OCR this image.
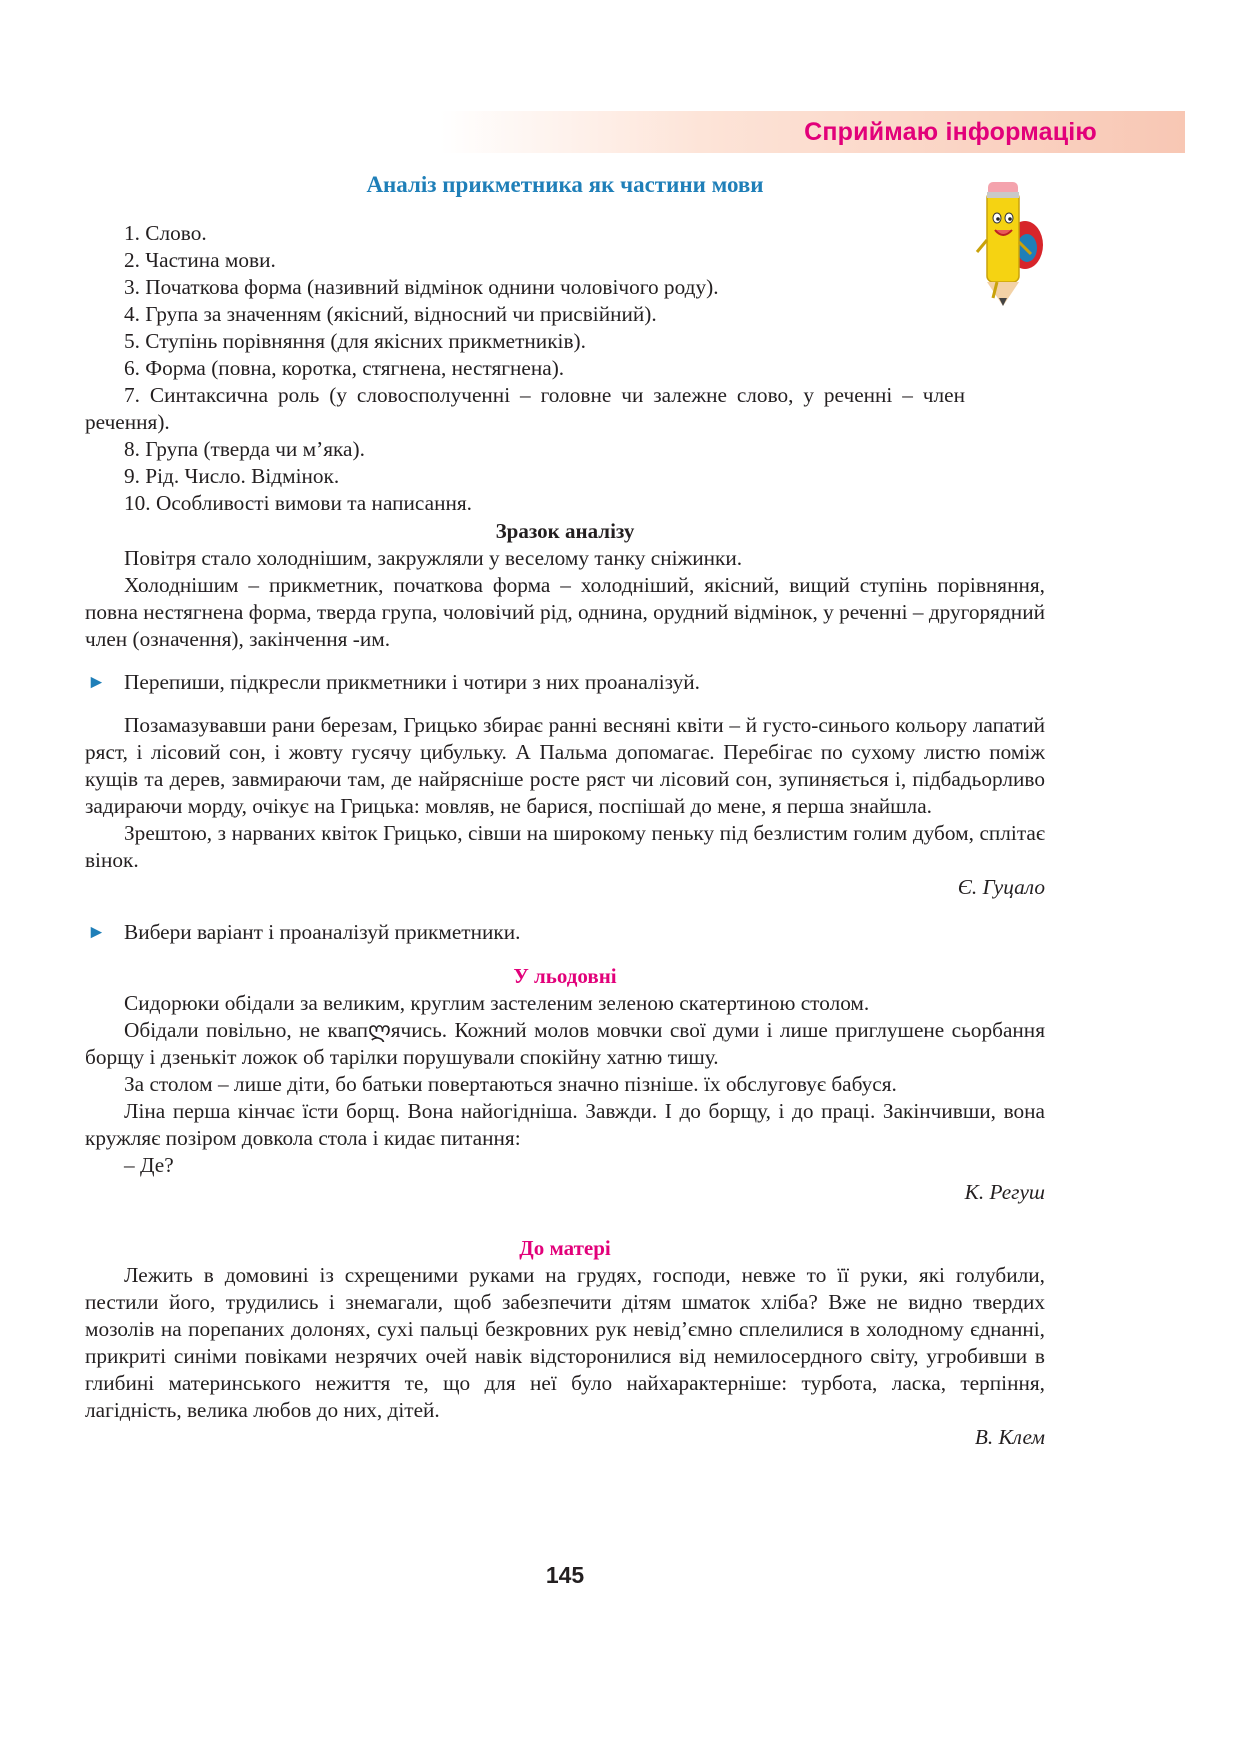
Сприймаю інформацію
Аналіз прикметника як частини мови
1. Слово.
2. Частина мови.
3. Початкова форма (називний відмінок однини чоловічого роду).
4. Група за значенням (якісний, відносний чи присвійний).
5. Ступінь порівняння (для якісних прикметників).
6. Форма (повна, коротка, стягнена, нестягнена).
7. Синтаксична роль (у словосполученні – головне чи залежне слово, у реченні – член речення).
8. Група (тверда чи м’яка).
9. Рід. Число. Відмінок.
10. Особливості вимови та написання.
Зразок аналізу

Повітря стало холоднішим, закружляли у веселому танку сніжинки.

Холоднішим – прикметник, початкова форма – холодніший, якісний, вищий ступінь порівняння, повна нестягнена форма, тверда група, чоловічий рід, однина, орудний відмінок, у реченні – другорядний член (означення), закінчення -им.

► Перепиши, підкресли прикметники і чотири з них проаналізуй.

Позамазувавши рани березам, Грицько збирає ранні весняні квіти – й густо-синього кольору лапатий ряст, і лісовий сон, і жовту гусячу цибульку. А Пальма допомагає. Перебігає по сухому листю поміж кущів та дерев, завмираючи там, де найрясніше росте ряст чи лісовий сон, зупиняється і, підбадьорливо задираючи морду, очікує на Грицька: мовляв, не барися, поспішай до мене, я перша знайшла.

Зрештою, з нарваних квіток Грицько, сівши на широкому пеньку під безлистим голим дубом, сплітає вінок.

Є. Гуцало
► Вибери варіант і проаналізуй прикметники.
У льодовні

Сидорюки обідали за великим, круглим застеленим зеленою скатертиною столом.

Обідали повільно, не квапლячись. Кожний молов мовчки свої думи і лише приглушене сьорбання борщу і дзенькіт ложок об тарілки порушували спокійну хатню тишу.

За столом – лише діти, бо батьки повертаються значно пізніше. їх обслуговує бабуся.

Ліна перша кінчає їсти борщ. Вона найогідніша. Завжди. І до борщу, і до праці. Закінчивши, вона кружляє позіром довкола стола і кидає питання:

– Де?

К. Регуш
До матері

Лежить в домовині із схрещеними руками на грудях, господи, невже то її руки, які голубили, пестили його, трудились і знемагали, щоб забезпечити дітям шматок хліба? Вже не видно твердих мозолів на порепаних долонях, сухі пальці безкровних рук невід’ємно сплелилися в холодному єднанні, прикриті синіми повіками незрячих очей навік відсторонилися від немилосердного світу, угробивши в глибині материнського нежиття те, що для неї було найхарактерніше: турбота, ласка, терпіння, лагідність, велика любов до них, дітей.

В. Клем
145
